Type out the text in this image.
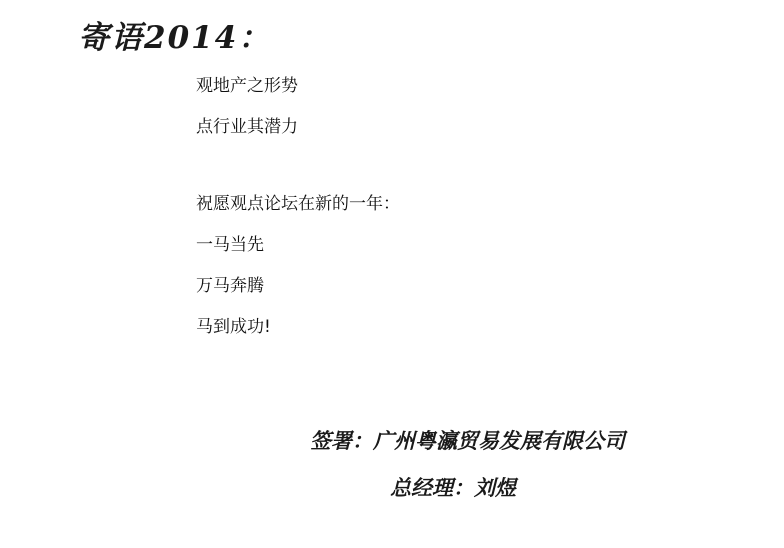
寄语2014：

观地产之形势

点行业其潜力

祝愿观点论坛在新的一年：

一马当先

万马奔腾

马到成功!

签署：广州粤瀛贸易发展有限公司

总经理：刘煜
